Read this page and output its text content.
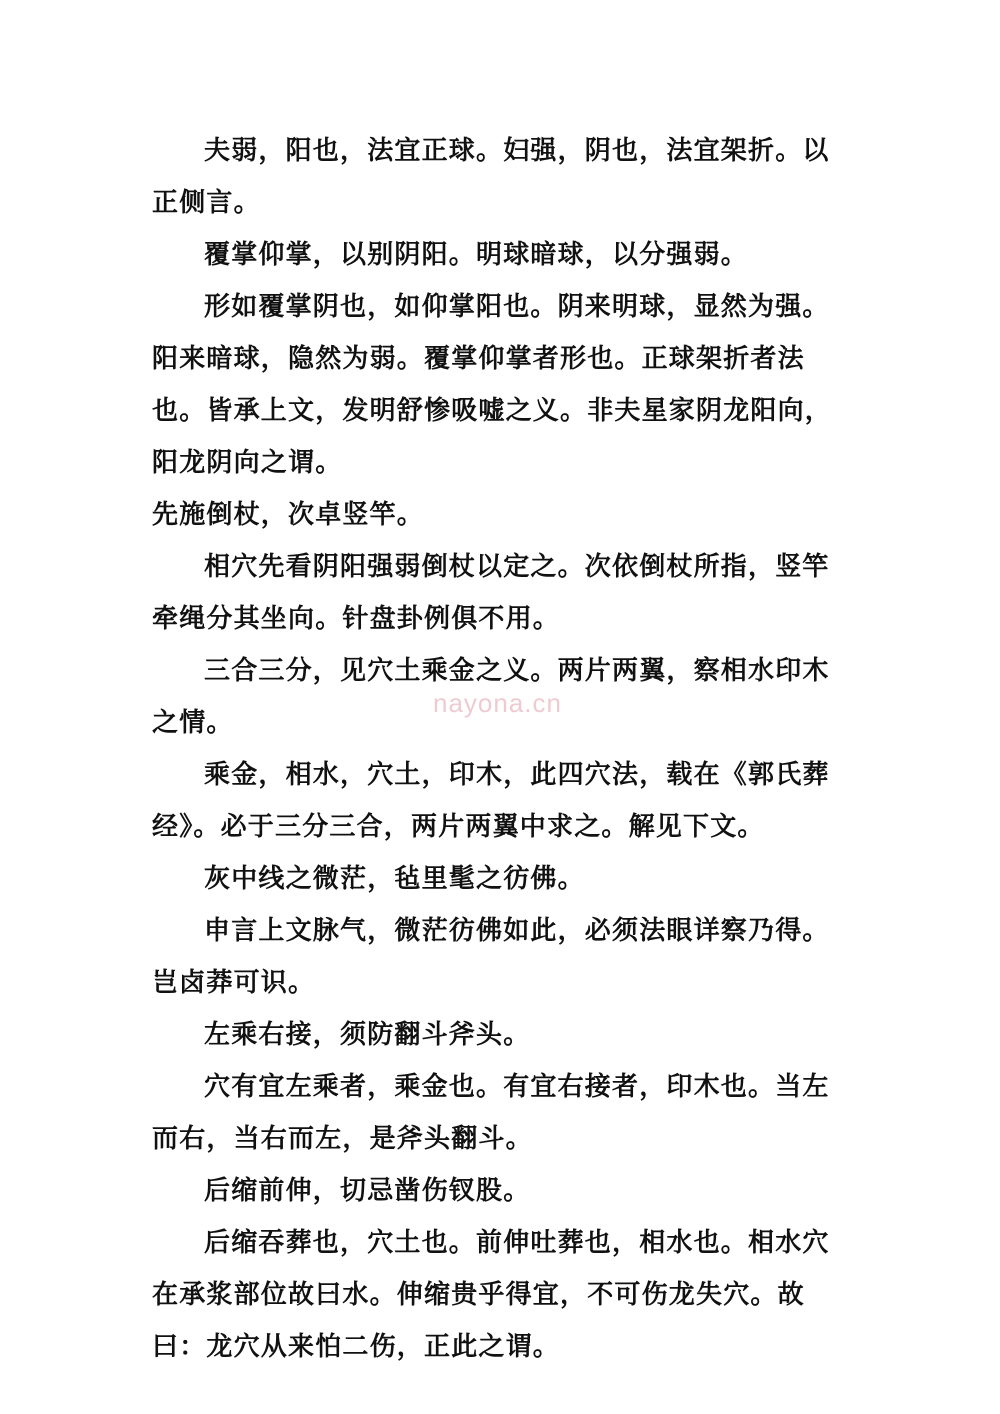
夫弱，阳也，法宜正球。妇强，阴也，法宜架折。以正侧言。

覆掌仰掌，以别阴阳。明球暗球，以分强弱。

形如覆掌阴也，如仰掌阳也。阴来明球，显然为强。阳来暗球，隐然为弱。覆掌仰掌者形也。正球架折者法也。皆承上文，发明舒惨吸嘘之义。非夫星家阴龙阳向，阳龙阴向之谓。

先施倒杖，次卓竖竿。

相穴先看阴阳强弱倒杖以定之。次依倒杖所指，竖竿牵绳分其坐向。针盘卦例俱不用。

三合三分，见穴土乘金之义。两片两翼，察相水印木之情。

乘金，相水，穴土，印木，此四穴法，载在《郭氏葬经》。必于三分三合，两片两翼中求之。解见下文。

灰中线之微茫，毡里髦之彷佛。

申言上文脉气，微茫彷佛如此，必须法眼详察乃得。岂卤莽可识。

左乘右接，须防翻斗斧头。

穴有宜左乘者，乘金也。有宜右接者，印木也。当左而右，当右而左，是斧头翻斗。

后缩前伸，切忌凿伤钗股。

后缩吞葬也，穴土也。前伸吐葬也，相水也。相水穴在承浆部位故曰水。伸缩贵乎得宜，不可伤龙失穴。故曰：龙穴从来怕二伤，正此之谓。

nayona.cn
